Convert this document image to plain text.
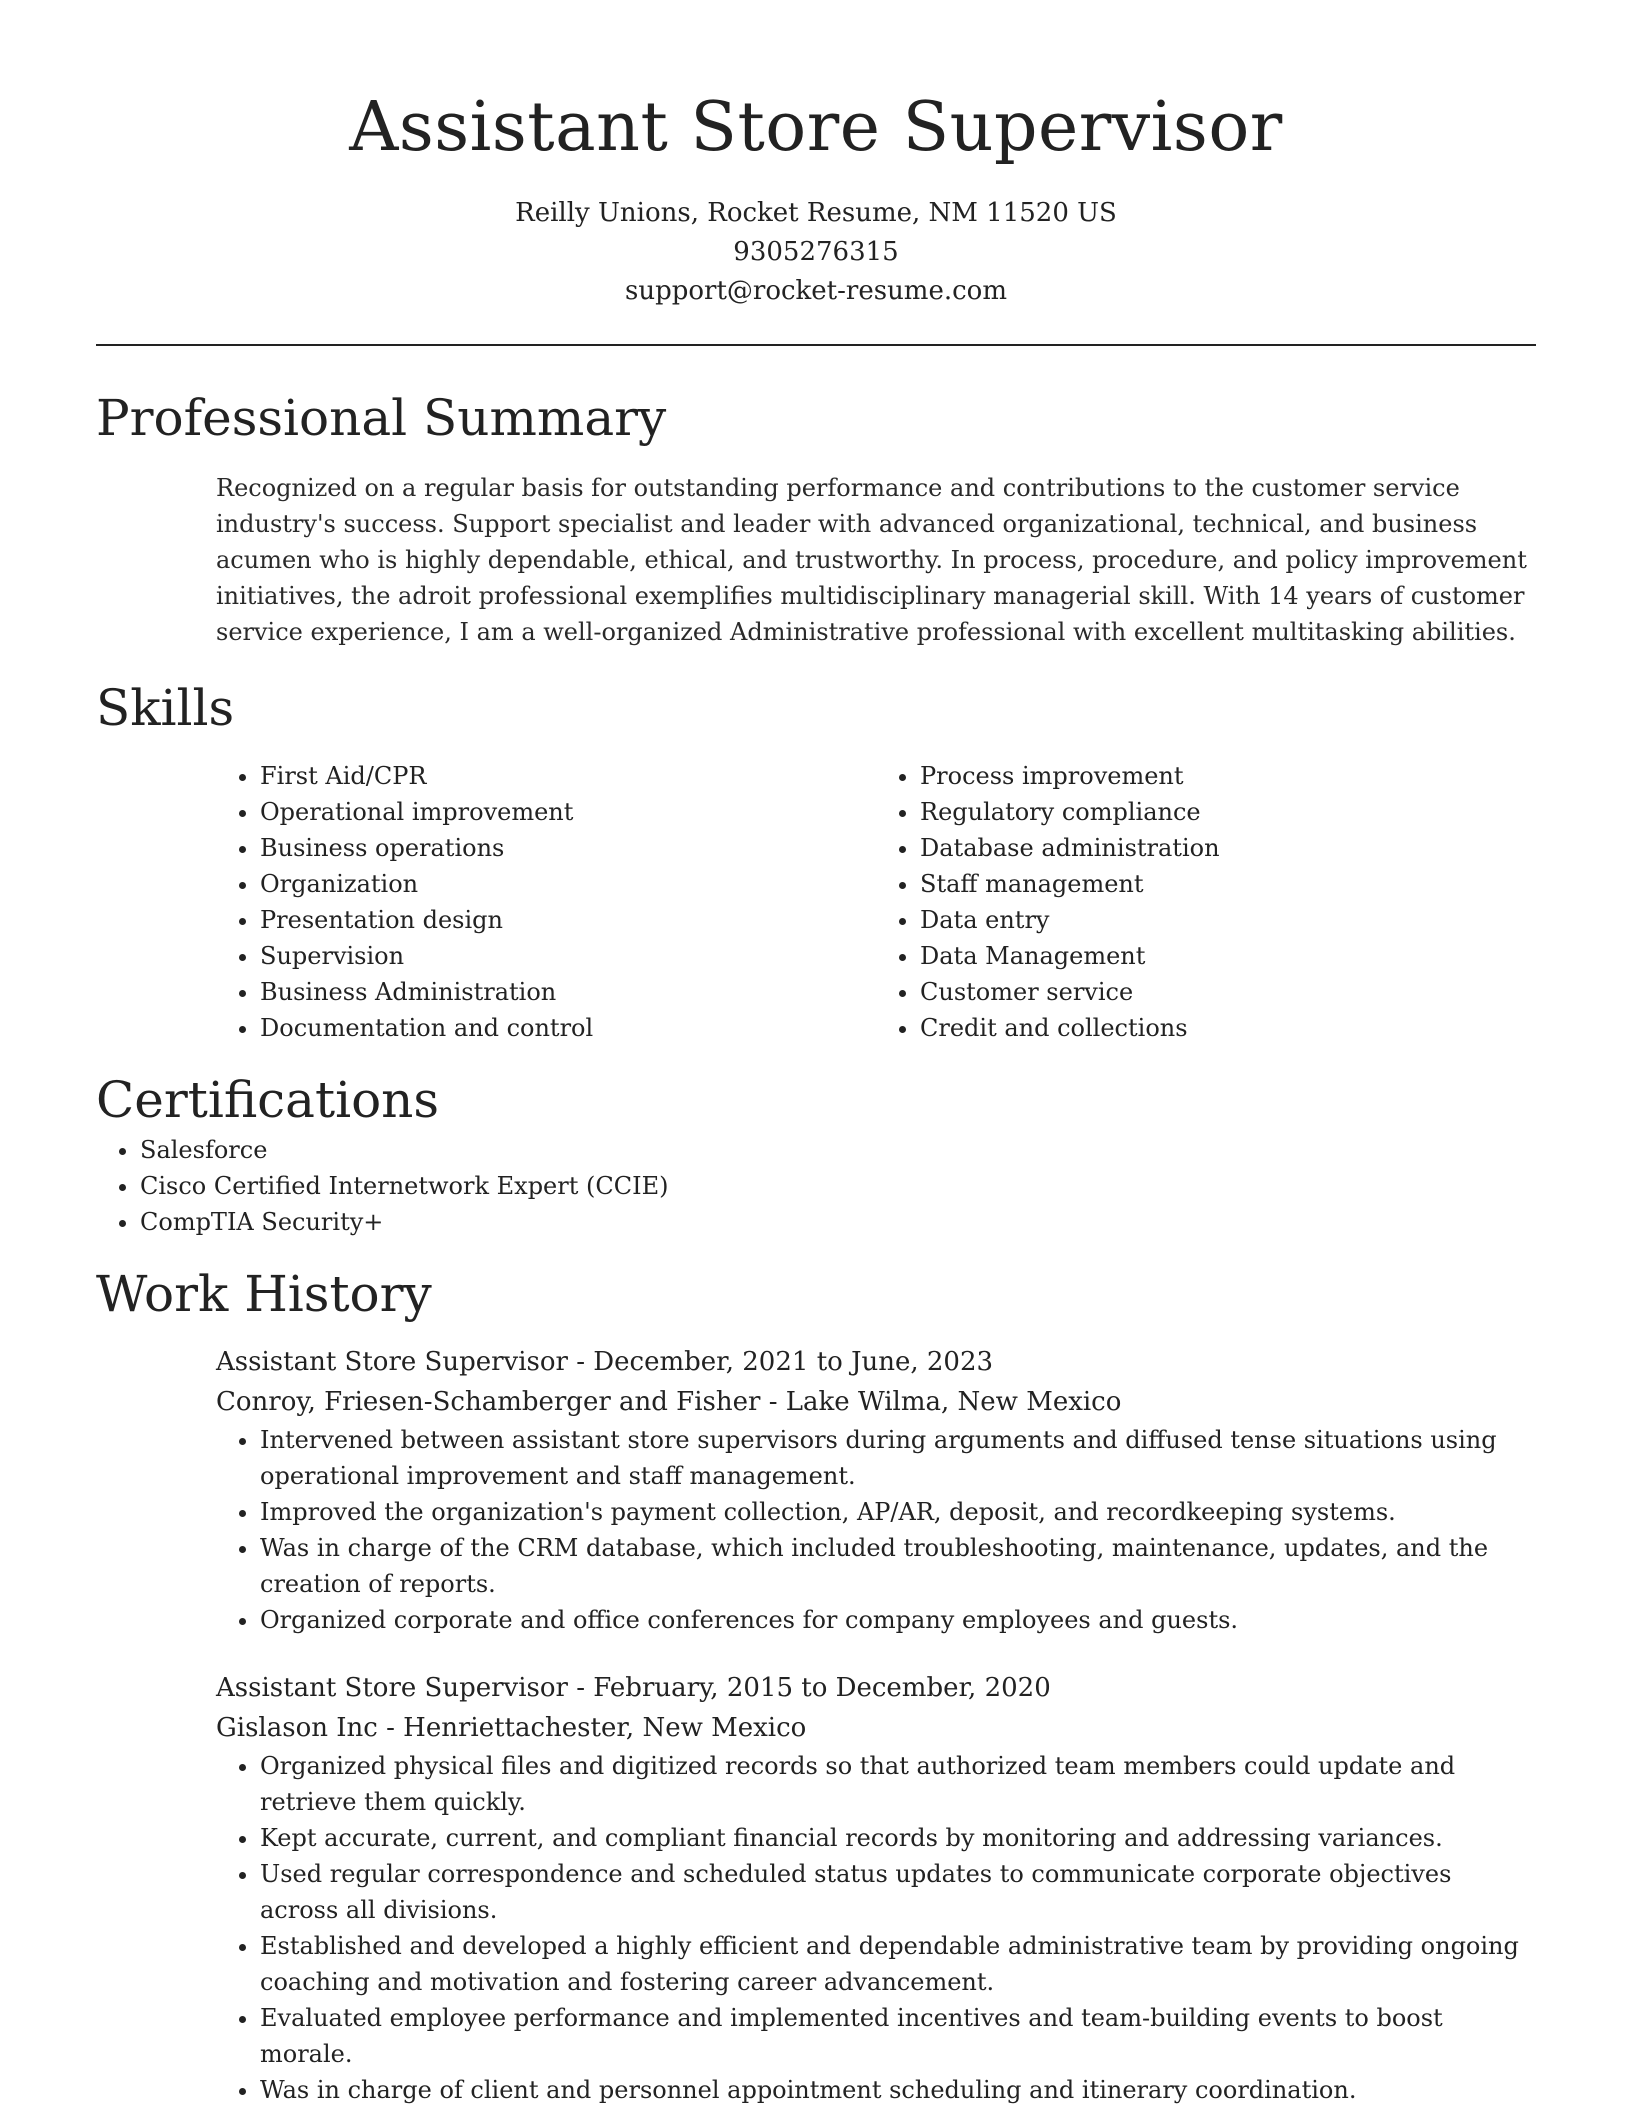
Assistant Store Supervisor
Reilly Unions, Rocket Resume, NM 11520 US
9305276315
support@rocket-resume.com
Professional Summary

Recognized on a regular basis for outstanding performance and contributions to the customer service industry's success. Support specialist and leader with advanced organizational, technical, and business acumen who is highly dependable, ethical, and trustworthy. In process, procedure, and policy improvement initiatives, the adroit professional exemplifies multidisciplinary managerial skill. With 14 years of customer service experience, I am a well-organized Administrative professional with excellent multitasking abilities.

Skills
• First Aid/CPR
• Operational improvement
• Business operations
• Organization
• Presentation design
• Supervision
• Business Administration
• Documentation and control
• Process improvement
• Regulatory compliance
• Database administration
• Staff management
• Data entry
• Data Management
• Customer service
• Credit and collections
Certifications
• Salesforce
• Cisco Certified Internetwork Expert (CCIE)
• CompTIA Security+
Work History
Assistant Store Supervisor - December, 2021 to June, 2023
Conroy, Friesen-Schamberger and Fisher - Lake Wilma, New Mexico
• Intervened between assistant store supervisors during arguments and diffused tense situations using operational improvement and staff management.
• Improved the organization's payment collection, AP/AR, deposit, and recordkeeping systems.
• Was in charge of the CRM database, which included troubleshooting, maintenance, updates, and the creation of reports.
• Organized corporate and office conferences for company employees and guests.
Assistant Store Supervisor - February, 2015 to December, 2020
Gislason Inc - Henriettachester, New Mexico
• Organized physical files and digitized records so that authorized team members could update and retrieve them quickly.
• Kept accurate, current, and compliant financial records by monitoring and addressing variances.
• Used regular correspondence and scheduled status updates to communicate corporate objectives across all divisions.
• Established and developed a highly efficient and dependable administrative team by providing ongoing coaching and motivation and fostering career advancement.
• Evaluated employee performance and implemented incentives and team-building events to boost morale.
• Was in charge of client and personnel appointment scheduling and itinerary coordination.
